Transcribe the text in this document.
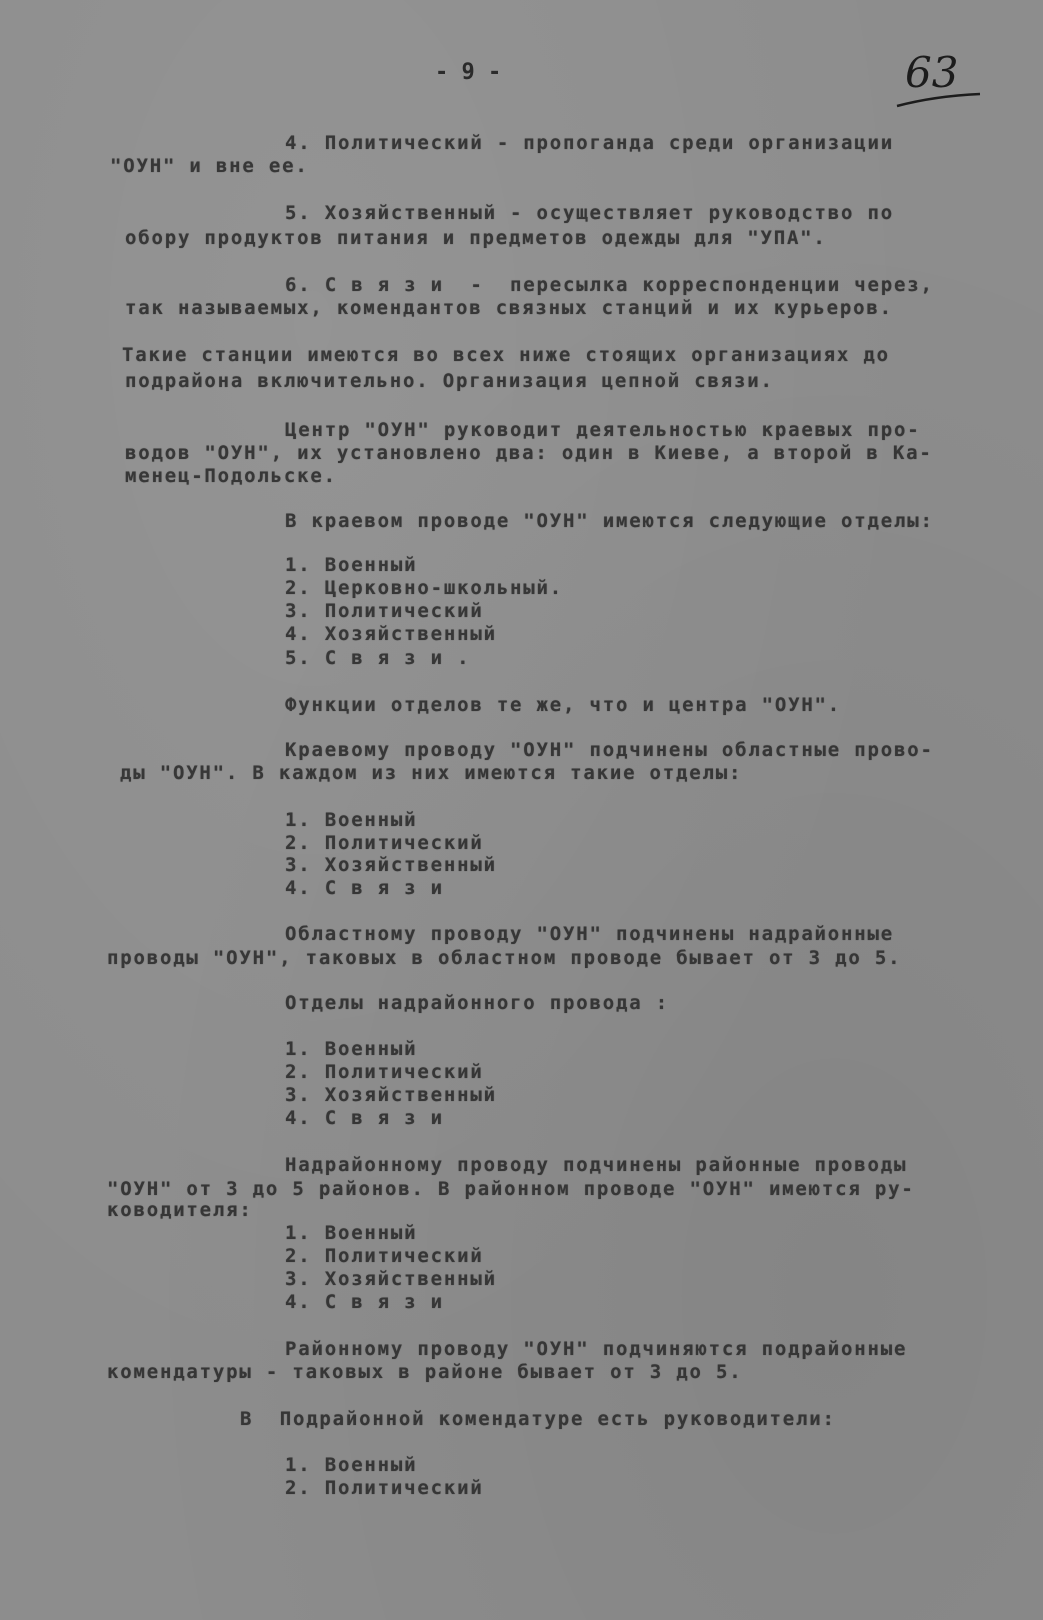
- 9 -	63
4. Политический - пропоганда среди организации
"ОУН" и вне ее.
5. Хозяйственный - осуществляет руководство по
обору продуктов питания и предметов одежды для "УПА".
6. С в я з и  -  пересылка корреспонденции через,
так называемых, комендантов связных станций и их курьеров.
Такие станции имеются во всех ниже стоящих организациях до
подрайона включительно. Организация цепной связи.
Центр "ОУН" руководит деятельностью краевых про-
водов "ОУН", их установлено два: один в Киеве, а второй в Ка-
менец-Подольске.
В краевом проводе "ОУН" имеются следующие отделы:
1. Военный
2. Церковно-школьный.
3. Политический
4. Хозяйственный
5. С в я з и .
Функции отделов те же, что и центра "ОУН".
Краевому проводу "ОУН" подчинены областные прово-
ды "ОУН". В каждом из них имеются такие отделы:
1. Военный
2. Политический
3. Хозяйственный
4. С в я з и
Областному проводу "ОУН" подчинены надрайонные
проводы "ОУН", таковых в областном проводе бывает от 3 до 5.
Отделы надрайонного провода :
1. Военный
2. Политический
3. Хозяйственный
4. С в я з и
Надрайонному проводу подчинены районные проводы
"ОУН" от 3 до 5 районов. В районном проводе "ОУН" имеются ру-
ководителя:
1. Военный
2. Политический
3. Хозяйственный
4. С в я з и
Районному проводу "ОУН" подчиняются подрайонные
комендатуры - таковых в районе бывает от 3 до 5.
В  Подрайонной комендатуре есть руководители:
1. Военный
2. Политический
